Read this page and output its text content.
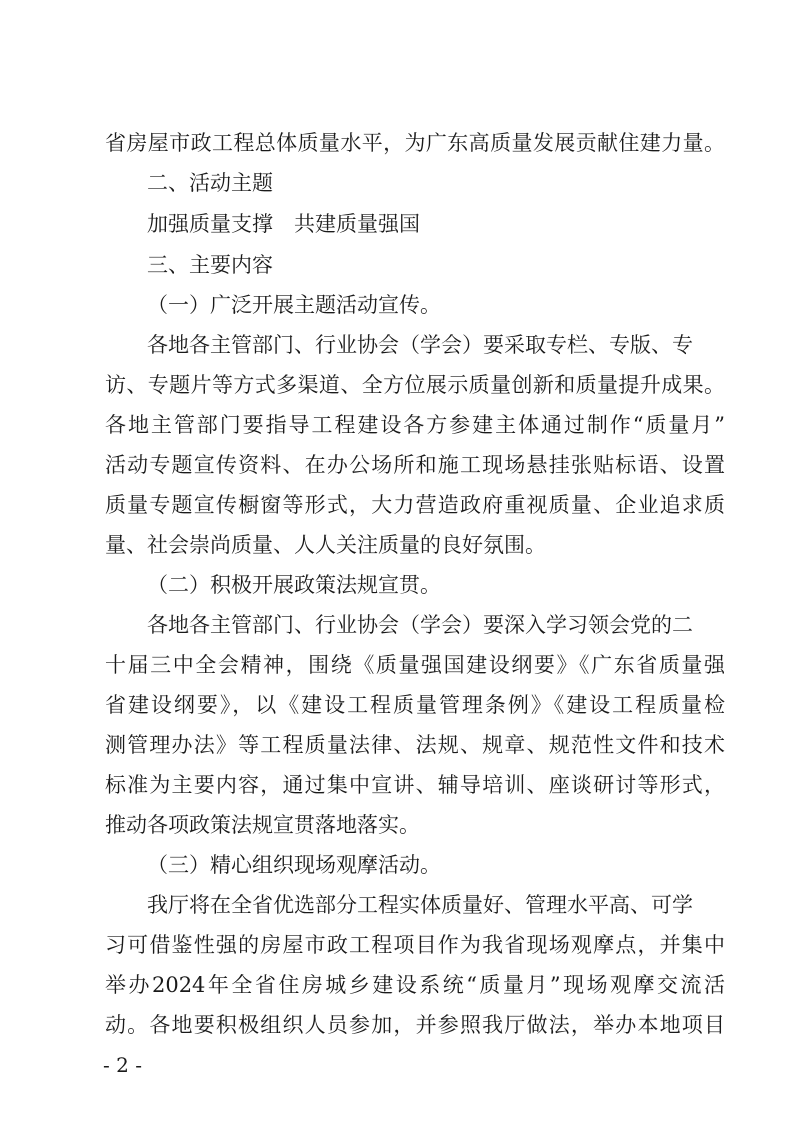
省房屋市政工程总体质量水平，为广东高质量发展贡献住建力量。
二、活动主题
加强质量支撑　共建质量强国
三、主要内容
（一）广泛开展主题活动宣传。
各地各主管部门、行业协会（学会）要采取专栏、专版、专
访、专题片等方式多渠道、全方位展示质量创新和质量提升成果。
各地主管部门要指导工程建设各方参建主体通过制作“质量月”
活动专题宣传资料、在办公场所和施工现场悬挂张贴标语、设置
质量专题宣传橱窗等形式，大力营造政府重视质量、企业追求质
量、社会崇尚质量、人人关注质量的良好氛围。
（二）积极开展政策法规宣贯。
各地各主管部门、行业协会（学会）要深入学习领会党的二
十届三中全会精神，围绕《质量强国建设纲要》《广东省质量强
省建设纲要》，以《建设工程质量管理条例》《建设工程质量检
测管理办法》等工程质量法律、法规、规章、规范性文件和技术
标准为主要内容，通过集中宣讲、辅导培训、座谈研讨等形式，
推动各项政策法规宣贯落地落实。
（三）精心组织现场观摩活动。
我厅将在全省优选部分工程实体质量好、管理水平高、可学
习可借鉴性强的房屋市政工程项目作为我省现场观摩点，并集中
举办2024年全省住房城乡建设系统“质量月”现场观摩交流活
动。各地要积极组织人员参加，并参照我厅做法，举办本地项目
- 2 -
